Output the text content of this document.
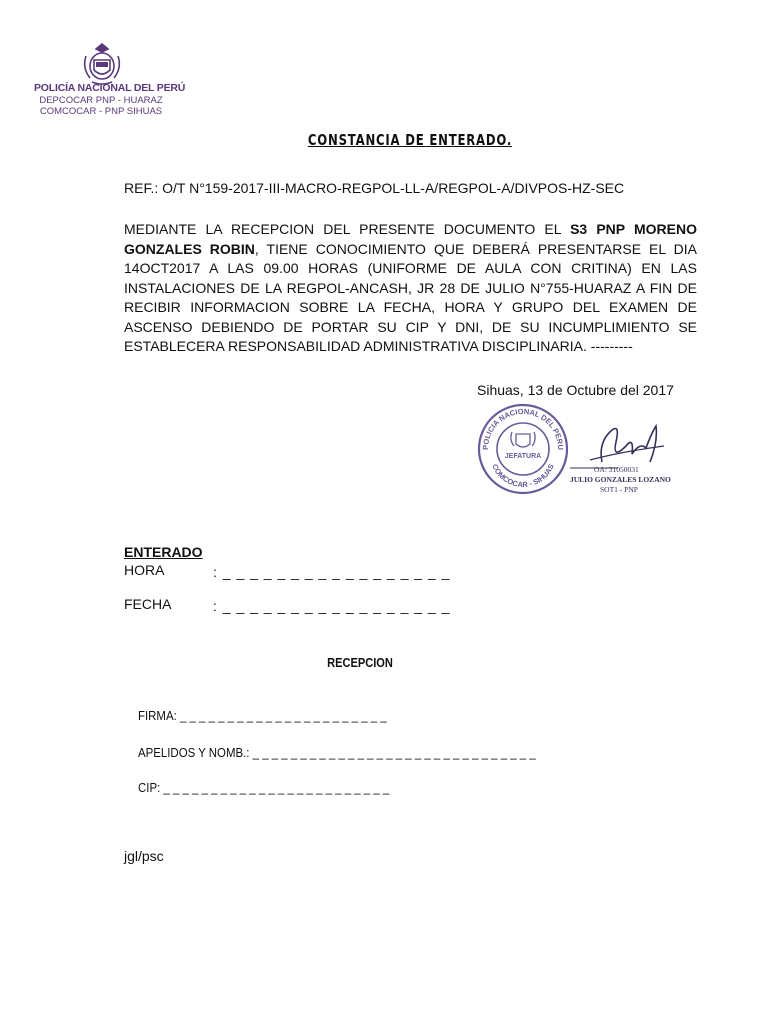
POLICÍA NACIONAL DEL PERÚ
DEPCOCAR PNP - HUARAZ
COMCOCAR - PNP SIHUAS
CONSTANCIA DE ENTERADO.
REF.: O/T N°159-2017-III-MACRO-REGPOL-LL-A/REGPOL-A/DIVPOS-HZ-SEC
MEDIANTE LA RECEPCION DEL PRESENTE DOCUMENTO EL S3 PNP MORENO GONZALES ROBIN, TIENE CONOCIMIENTO QUE DEBERÁ PRESENTARSE EL DIA 14OCT2017 A LAS 09.00 HORAS (UNIFORME DE AULA CON CRITINA) EN LAS INSTALACIONES DE LA REGPOL-ANCASH, JR 28 DE JULIO N°755-HUARAZ A FIN DE RECIBIR INFORMACION SOBRE LA FECHA, HORA Y GRUPO DEL EXAMEN DE ASCENSO DEBIENDO DE PORTAR SU CIP Y DNI, DE SU INCUMPLIMIENTO SE ESTABLECERA RESPONSABILIDAD ADMINISTRATIVA DISCIPLINARIA. ---------
Sihuas, 13 de Octubre del 2017
POLICIA NACIONAL DEL PERU
COMCOCAR - SIHUAS
JEFATURA
OA: 31050031
JULIO GONZALES LOZANO
SOT1 - PNP
ENTERADO
HORA	: _ _ _ _ _ _ _ _ _ _ _ _ _ _ _ _ _
FECHA	: _ _ _ _ _ _ _ _ _ _ _ _ _ _ _ _ _
RECEPCION
FIRMA: _ _ _ _ _ _ _ _ _ _ _ _ _ _ _ _ _ _ _ _ _ _
APELIDOS Y NOMB.: _ _ _ _ _ _ _ _ _ _ _ _ _ _ _ _ _ _ _ _ _ _ _ _ _ _ _ _ _ _
CIP: _ _ _ _ _ _ _ _ _ _ _ _ _ _ _ _ _ _ _ _ _ _ _ _
jgl/psc
